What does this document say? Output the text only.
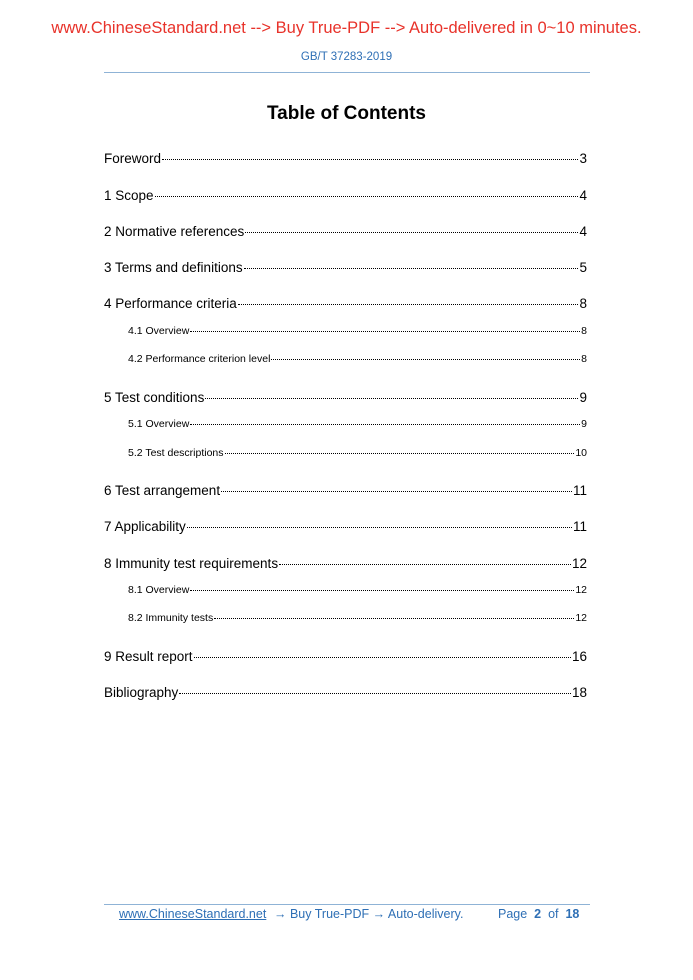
www.ChineseStandard.net --> Buy True-PDF --> Auto-delivered in 0~10 minutes.
GB/T 37283-2019
Table of Contents
Foreword	3
1 Scope	4
2 Normative references	4
3 Terms and definitions	5
4 Performance criteria	8
4.1 Overview	8
4.2 Performance criterion level	8
5 Test conditions	9
5.1 Overview	9
5.2 Test descriptions	10
6 Test arrangement	11
7 Applicability	11
8 Immunity test requirements	12
8.1 Overview	12
8.2 Immunity tests	12
9 Result report	16
Bibliography	18
www.ChineseStandard.net → Buy True-PDF → Auto-delivery.	Page 2 of 18
